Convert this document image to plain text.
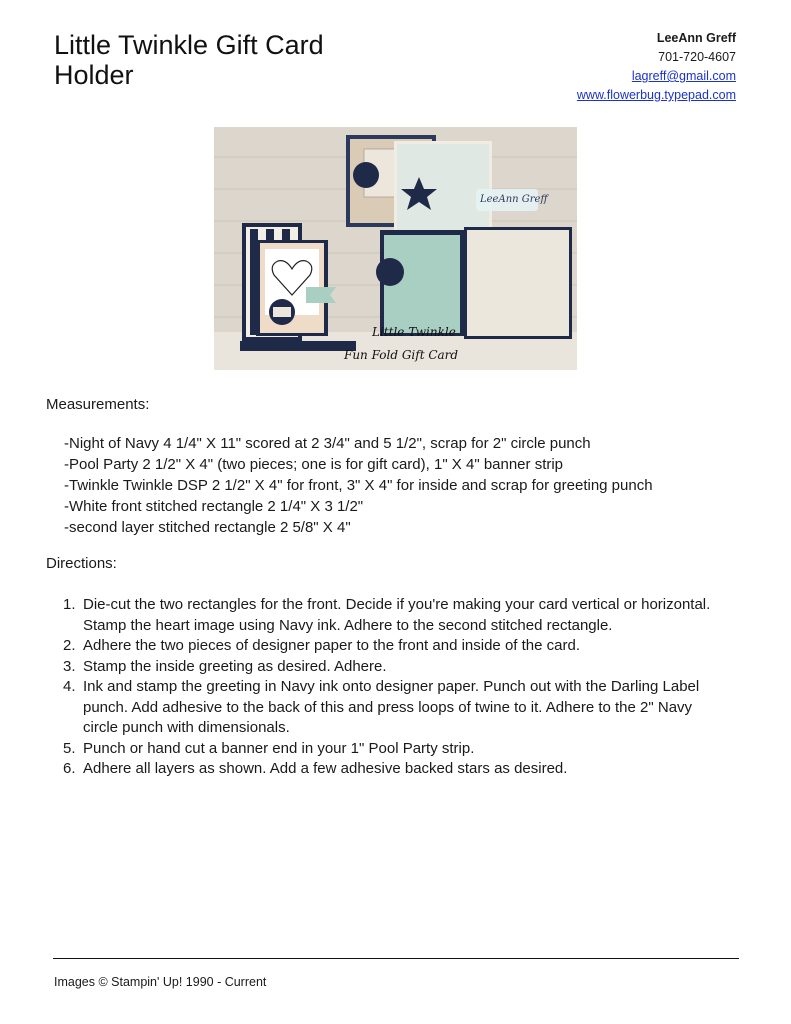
Little Twinkle Gift Card
Holder
LeeAnn Greff
701-720-4607
lagreff@gmail.com
www.flowerbug.typepad.com
LeeAnn Greff
Little Twinkle
Fun Fold Gift Card
Measurements:
-Night of Navy 4 1/4" X 11" scored at 2 3/4" and 5 1/2", scrap for 2" circle punch
-Pool Party 2 1/2" X 4" (two pieces; one is for gift card), 1" X 4" banner strip
-Twinkle Twinkle DSP 2 1/2" X 4" for front, 3" X 4" for inside and scrap for greeting punch
-White front stitched rectangle 2 1/4" X 3 1/2"
-second layer stitched rectangle 2 5/8" X 4"
Directions:
1. Die-cut the two rectangles for the front. Decide if you're making your card vertical or horizontal.
Stamp the heart image using Navy ink. Adhere to the second stitched rectangle.
2. Adhere the two pieces of designer paper to the front and inside of the card.
3. Stamp the inside greeting as desired. Adhere.
4. Ink and stamp the greeting in Navy ink onto designer paper. Punch out with the Darling Label
punch. Add adhesive to the back of this and press loops of twine to it. Adhere to the 2" Navy
circle punch with dimensionals.
5. Punch or hand cut a banner end in your 1" Pool Party strip.
6. Adhere all layers as shown. Add a few adhesive backed stars as desired.
Images © Stampin' Up! 1990 - Current
